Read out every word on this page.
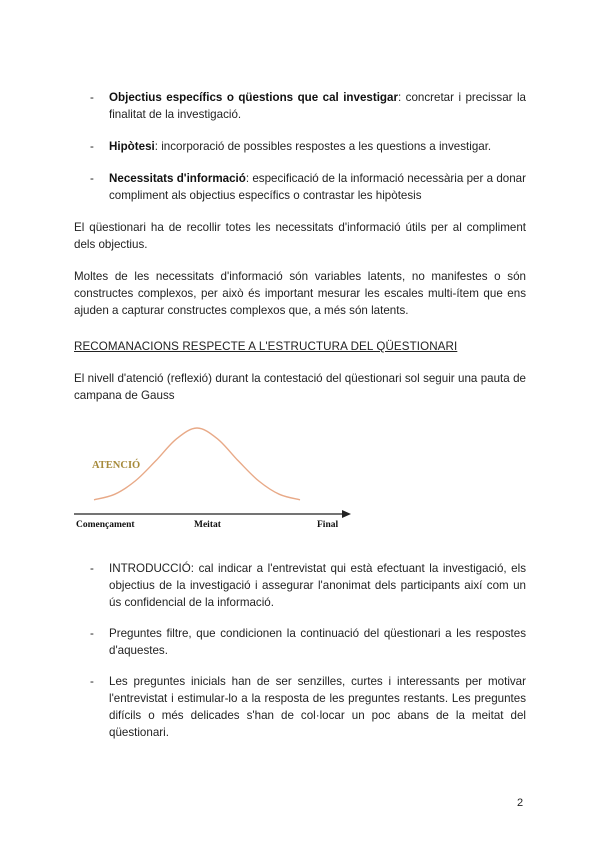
- Objectius específics o qüestions que cal investigar: concretar i precissar la finalitat de la investigació.
- Hipòtesi: incorporació de possibles respostes a les questions a investigar.
- Necessitats d'informació: especificació de la informació necessària per a donar compliment als objectius específics o contrastar les hipòtesis

El qüestionari ha de recollir totes les necessitats d'informació útils per al compliment dels objectius.

Moltes de les necessitats d'informació són variables latents, no manifestes o són constructes complexos, per això és important mesurar les escales multi-ítem que ens ajuden a capturar constructes complexos que, a més són latents.

RECOMANACIONS RESPECTE A L'ESTRUCTURA DEL QÜESTIONARI

El nivell d'atenció (reflexió) durant la contestació del qüestionari sol seguir una pauta de campana de Gauss

ATENCIÓ
Començament	Meitat	Final
- INTRODUCCIÓ: cal indicar a l'entrevistat qui està efectuant la investigació, els objectius de la investigació i assegurar l'anonimat dels participants així com un ús confidencial de la informació.
- Preguntes filtre, que condicionen la continuació del qüestionari a les respostes d'aquestes.
- Les preguntes inicials han de ser senzilles, curtes i interessants per motivar l'entrevistat i estimular-lo a la resposta de les preguntes restants. Les preguntes difícils o més delicades s'han de col·locar un poc abans de la meitat del qüestionari.
2
